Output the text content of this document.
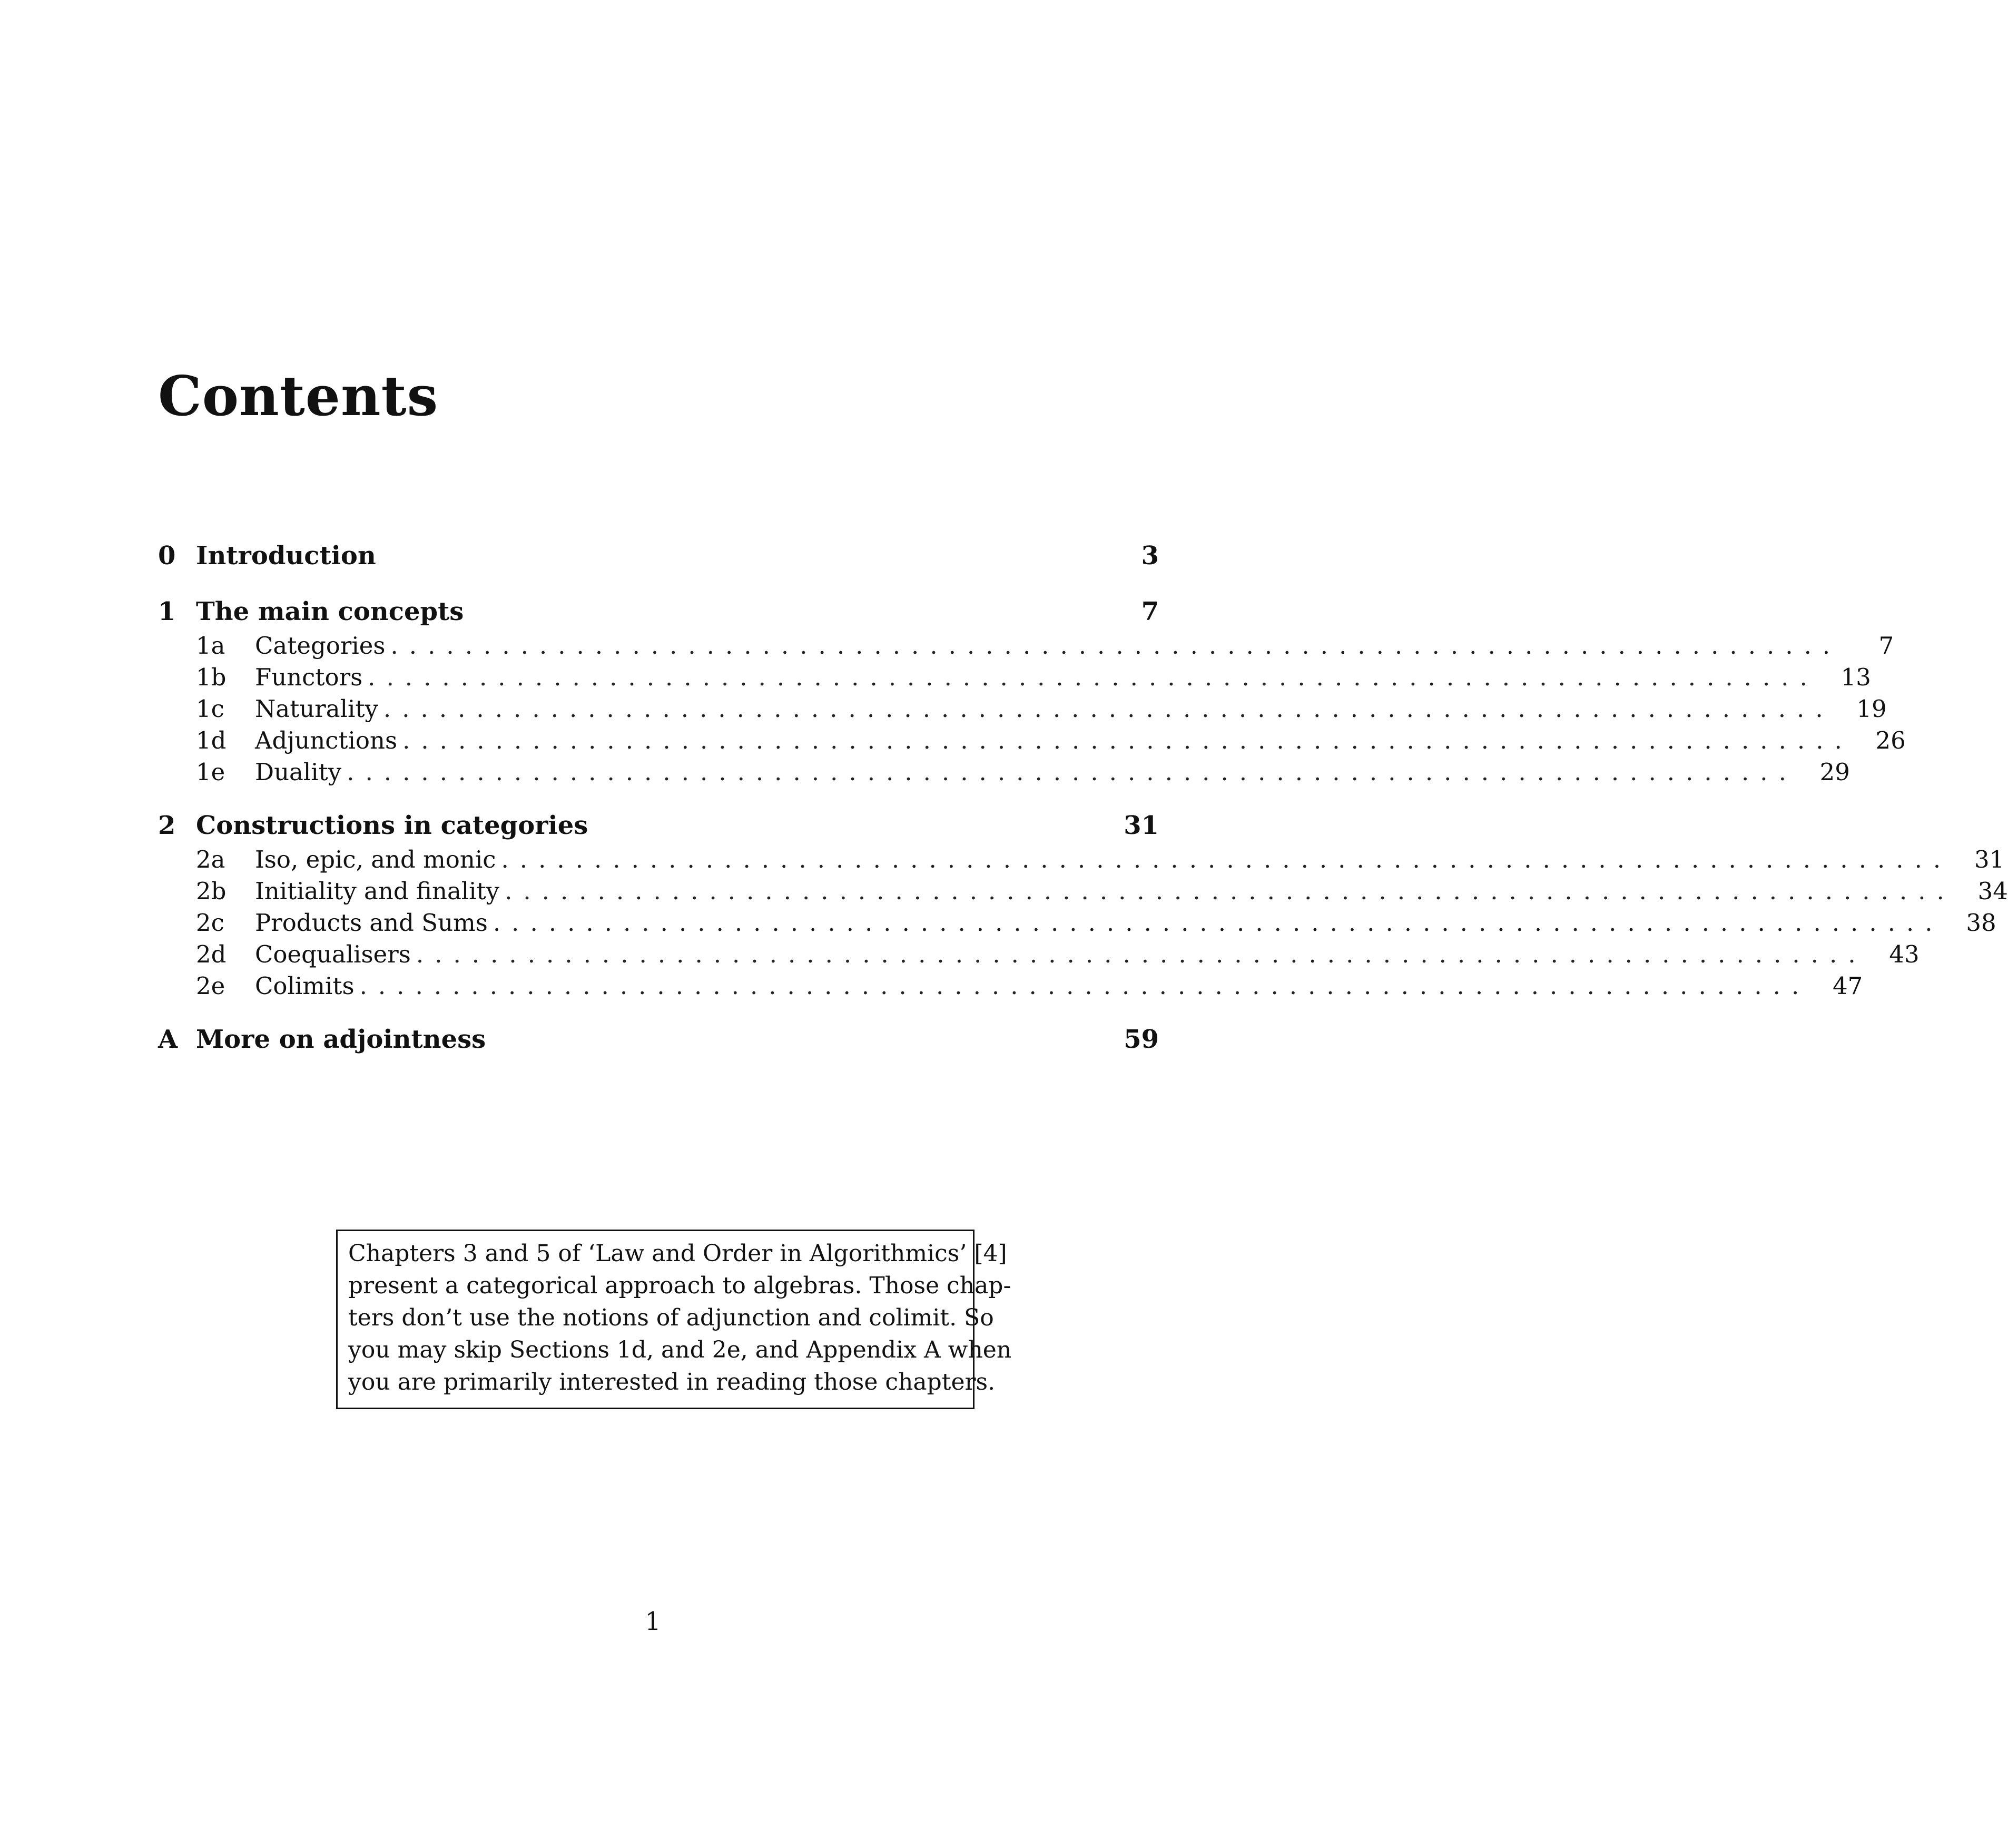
Contents
0 Introduction	3
1 The main concepts	7
1a	Categories ..............................................................................	7
1b	Functors .............................................................................. 13
1c	Naturality .............................................................................. 19
1d	Adjunctions .............................................................................. 26
1e	Duality .............................................................................. 29
2 Constructions in categories	31
2a	Iso, epic, and monic .............................................................................. 31
2b	Initiality and finality .............................................................................. 34
2c	Products and Sums .............................................................................. 38
2d	Coequalisers .............................................................................. 43
2e	Colimits .............................................................................. 47
A More on adjointness	59
Chapters 3 and 5 of ‘Law and Order in Algorithmics’ [4]
present a categorical approach to algebras. Those chap-
ters don’t use the notions of adjunction and colimit. So
you may skip Sections 1d, and 2e, and Appendix A when
you are primarily interested in reading those chapters.
1
